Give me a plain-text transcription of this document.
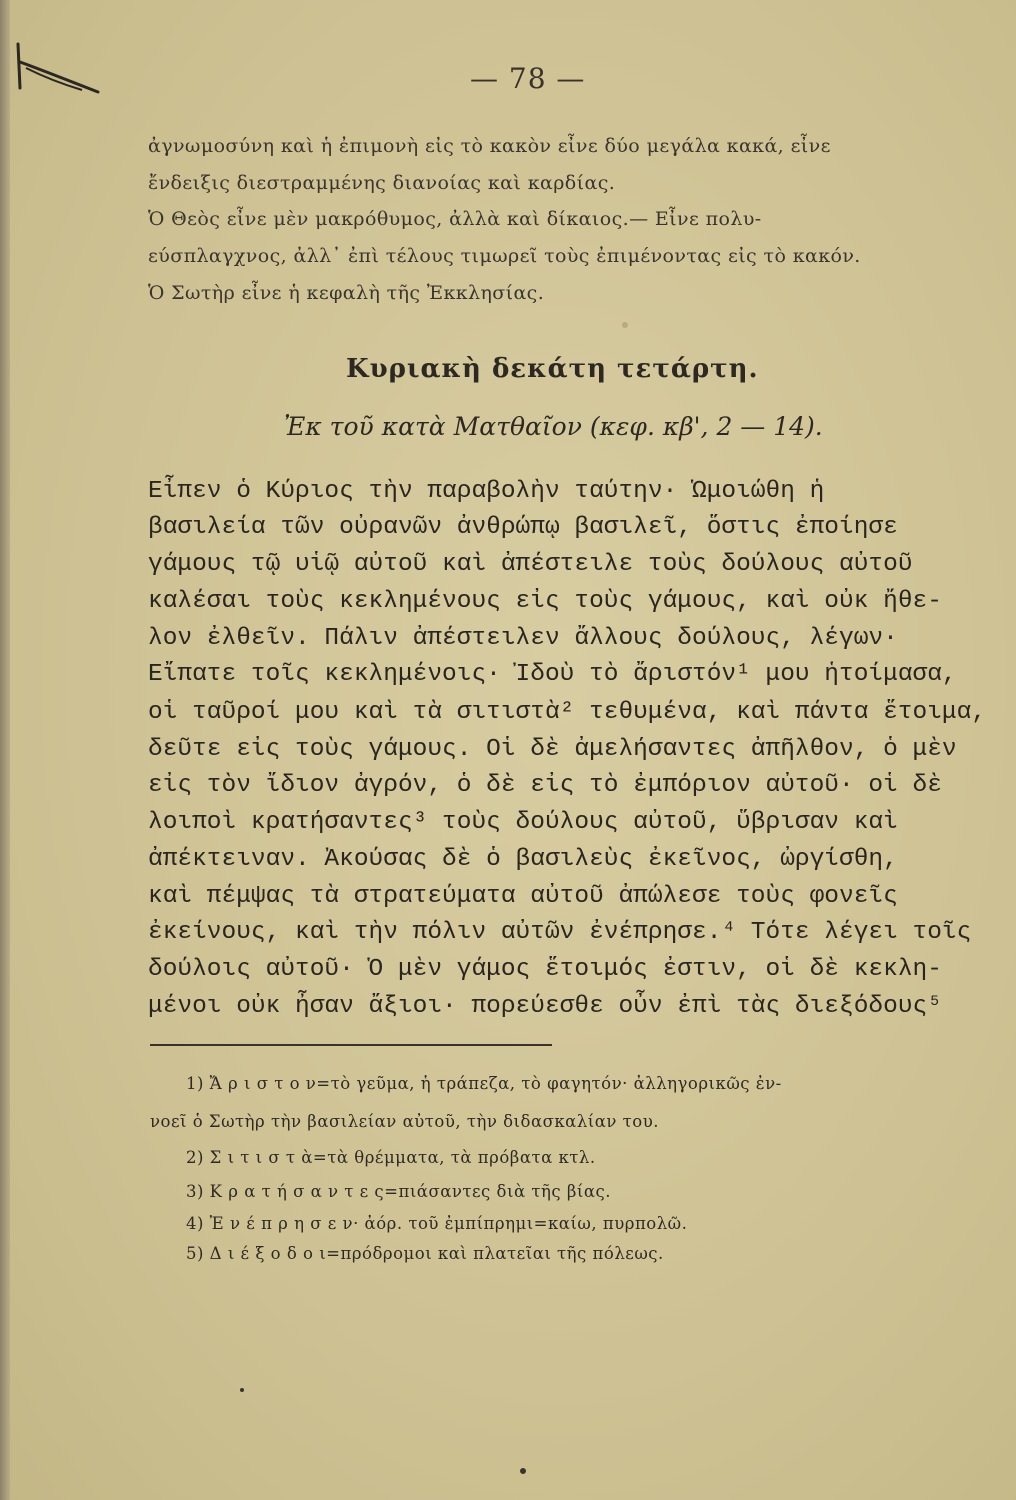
— 78 —
ἀγνωμοσύνη καὶ ἡ ἐπιμονὴ εἰς τὸ κακὸν εἶνε δύο μεγάλα κακά, εἶνε
ἔνδειξις διεστραμμένης διανοίας καὶ καρδίας.
Ὁ Θεὸς εἶνε μὲν μακρόθυμος, ἀλλὰ καὶ δίκαιος.— Εἶνε πολυ-
εύσπλαγχνος, ἀλλ᾽ ἐπὶ τέλους τιμωρεῖ τοὺς ἐπιμένοντας εἰς τὸ κακόν.
Ὁ Σωτὴρ εἶνε ἡ κεφαλὴ τῆς Ἐκκλησίας.
Κυριακὴ δεκάτη τετάρτη.
Ἐκ τοῦ κατὰ Ματθαῖον (κεφ. κβ', 2 — 14).
Εἶπεν ὁ Κύριος τὴν παραβολὴν ταύτην· Ὡμοιώθη ἡ
βασιλεία τῶν οὐρανῶν ἀνθρώπῳ βασιλεῖ, ὅστις ἐποίησε
γάμους τῷ υἱῷ αὐτοῦ καὶ ἀπέστειλε τοὺς δούλους αὐτοῦ
καλέσαι τοὺς κεκλημένους εἰς τοὺς γάμους, καὶ οὐκ ἤθε-
λον ἐλθεῖν. Πάλιν ἀπέστειλεν ἄλλους δούλους, λέγων·
Εἴπατε τοῖς κεκλημένοις· Ἰδοὺ τὸ ἄριστόν¹ μου ἡτοίμασα,
οἱ ταῦροί μου καὶ τὰ σιτιστὰ² τεθυμένα, καὶ πάντα ἕτοιμα,
δεῦτε εἰς τοὺς γάμους. Οἱ δὲ ἀμελήσαντες ἀπῆλθον, ὁ μὲν
εἰς τὸν ἴδιον ἀγρόν, ὁ δὲ εἰς τὸ ἐμπόριον αὐτοῦ· οἱ δὲ
λοιποὶ κρατήσαντες³ τοὺς δούλους αὐτοῦ, ὕβρισαν καὶ
ἀπέκτειναν. Ἀκούσας δὲ ὁ βασιλεὺς ἐκεῖνος, ὠργίσθη,
καὶ πέμψας τὰ στρατεύματα αὐτοῦ ἀπώλεσε τοὺς φονεῖς
ἐκείνους, καὶ τὴν πόλιν αὐτῶν ἐνέπρησε.⁴ Τότε λέγει τοῖς
δούλοις αὐτοῦ· Ὁ μὲν γάμος ἕτοιμός ἐστιν, οἱ δὲ κεκλη-
μένοι οὐκ ἦσαν ἄξιοι· πορεύεσθε οὖν ἐπὶ τὰς διεξόδους⁵
1) Ἄ ρ ι σ τ ο ν=τὸ γεῦμα, ἡ τράπεζα, τὸ φαγητόν· ἀλληγορικῶς ἐν-
νοεῖ ὁ Σωτὴρ τὴν βασιλείαν αὐτοῦ, τὴν διδασκαλίαν του.
2) Σ ι τ ι σ τ ὰ=τὰ θρέμματα, τὰ πρόβατα κτλ.
3) Κ ρ α τ ή σ α ν τ ε ς=πιάσαντες διὰ τῆς βίας.
4) Ἐ ν έ π ρ η σ ε ν· ἀόρ. τοῦ ἐμπίπρημι=καίω, πυρπολῶ.
5) Δ ι έ ξ ο δ ο ι=πρόδρομοι καὶ πλατεῖαι τῆς πόλεως.
